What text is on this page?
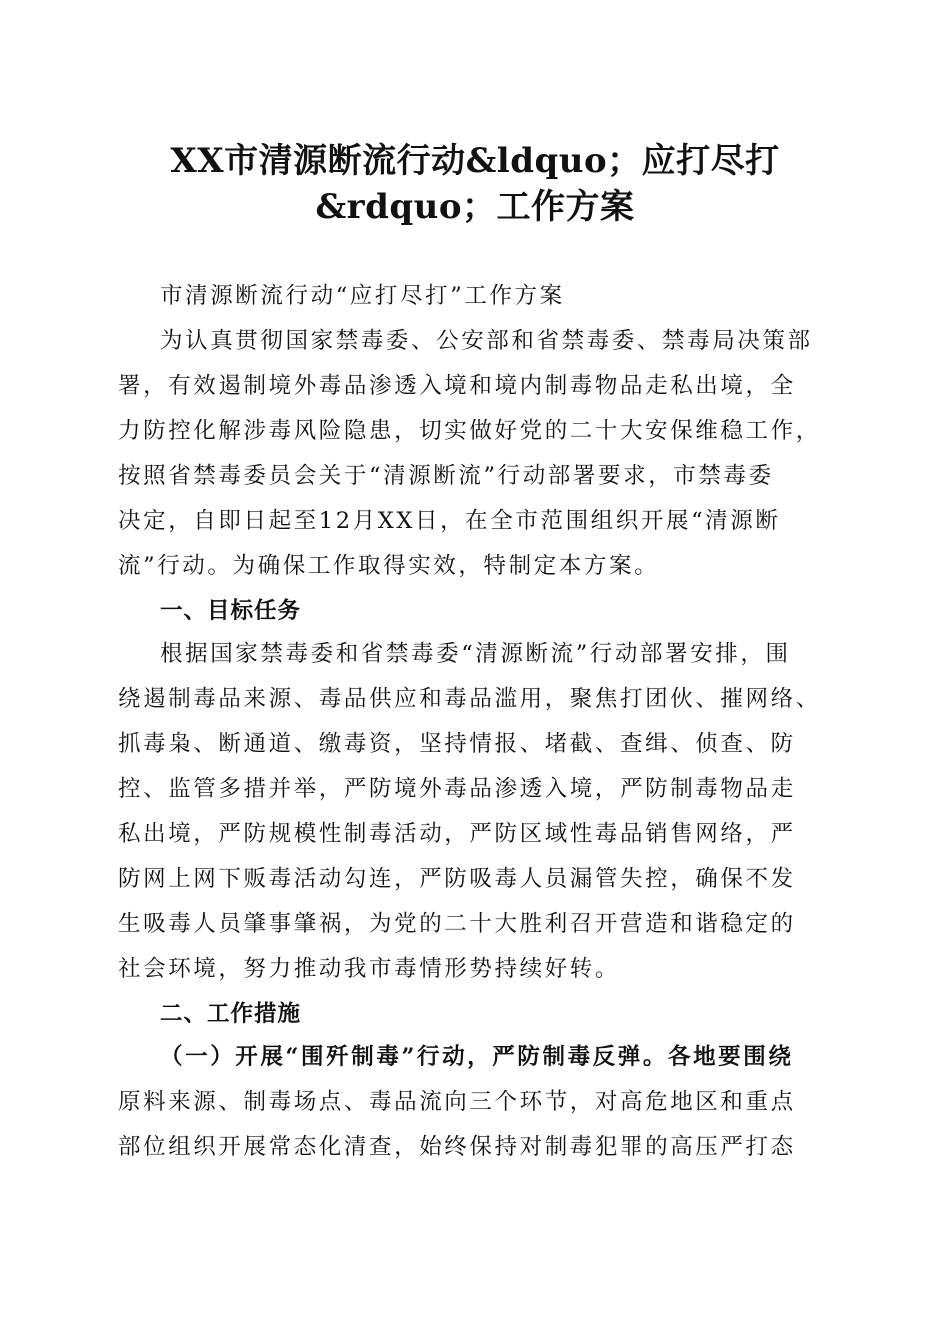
XX市清源断流行动&ldquo；应打尽打
&rdquo；工作方案
市清源断流行动“应打尽打”工作方案
为认真贯彻国家禁毒委、公安部和省禁毒委、禁毒局决策部
署，有效遏制境外毒品渗透入境和境内制毒物品走私出境，全
力防控化解涉毒风险隐患，切实做好党的二十大安保维稳工作，
按照省禁毒委员会关于“清源断流”行动部署要求，市禁毒委
决定，自即日起至12月XX日，在全市范围组织开展“清源断
流”行动。为确保工作取得实效，特制定本方案。
一、目标任务
根据国家禁毒委和省禁毒委“清源断流”行动部署安排，围
绕遏制毒品来源、毒品供应和毒品滥用，聚焦打团伙、摧网络、
抓毒枭、断通道、缴毒资，坚持情报、堵截、查缉、侦查、防
控、监管多措并举，严防境外毒品渗透入境，严防制毒物品走
私出境，严防规模性制毒活动，严防区域性毒品销售网络，严
防网上网下贩毒活动勾连，严防吸毒人员漏管失控，确保不发
生吸毒人员肇事肇祸，为党的二十大胜利召开营造和谐稳定的
社会环境，努力推动我市毒情形势持续好转。
二、工作措施
（一）开展“围歼制毒”行动，严防制毒反弹。各地要围绕
原料来源、制毒场点、毒品流向三个环节，对高危地区和重点
部位组织开展常态化清查，始终保持对制毒犯罪的高压严打态
